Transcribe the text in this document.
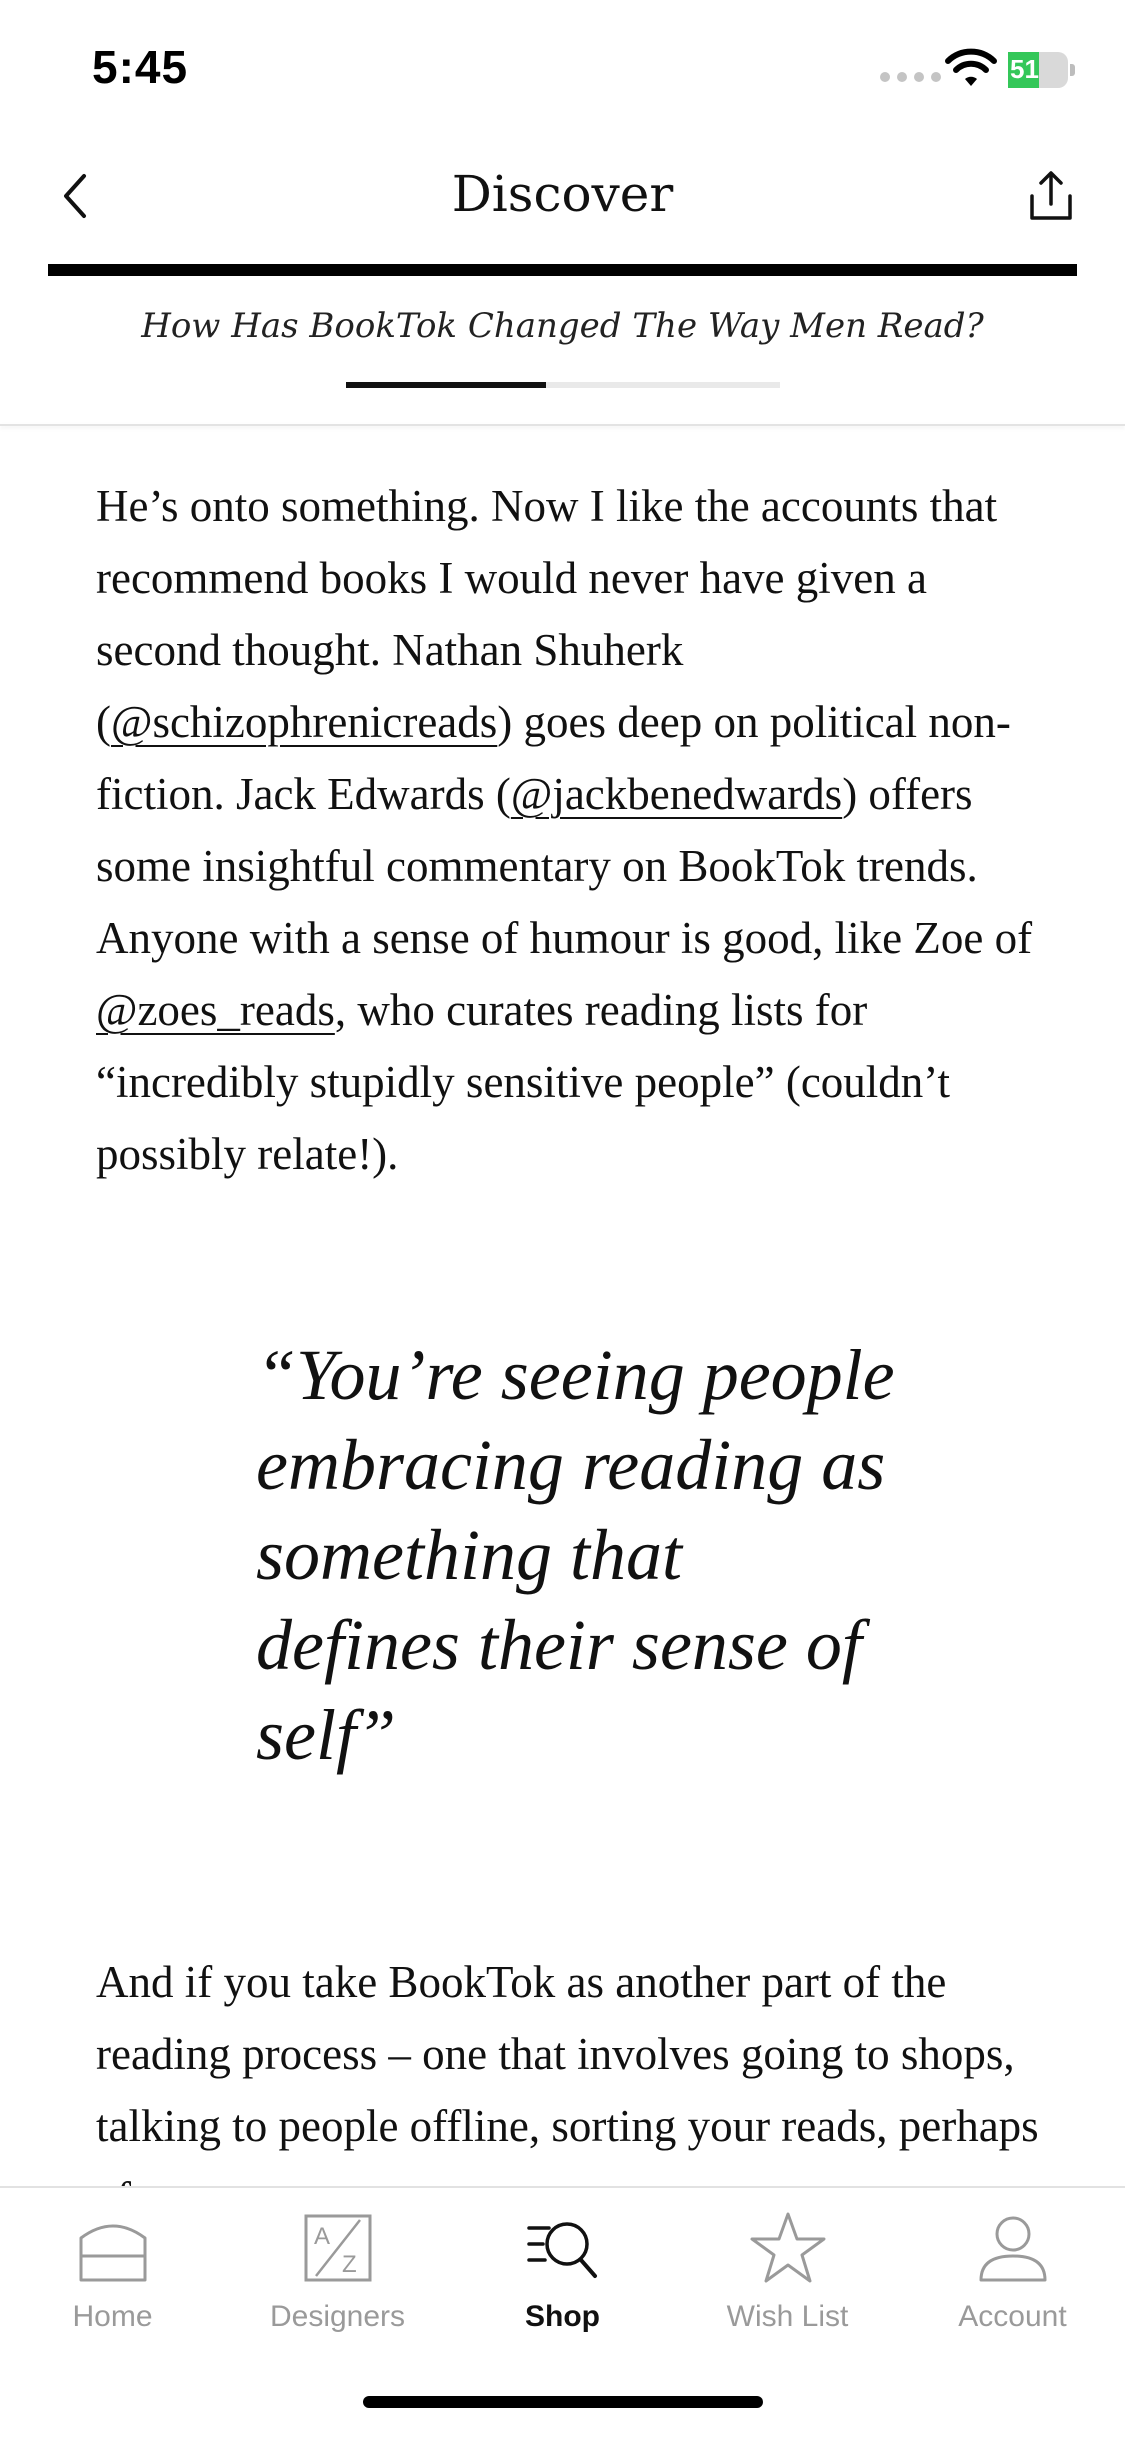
5:45	51
Discover
How Has BookTok Changed The Way Men Read?

He’s onto something. Now I like the accounts that recommend books I would never have given a second thought. Nathan Shuherk (@schizophrenicreads) goes deep on political non-fiction. Jack Edwards (@jackbenedwards) offers some insightful commentary on BookTok trends. Anyone with a sense of humour is good, like Zoe of @zoes_reads, who curates reading lists for “incredibly stupidly sensitive people” (couldn’t possibly relate!).

“You’re seeing people embracing reading as something that defines their sense of self”

And if you take BookTok as another part of the reading process – one that involves going to shops, talking to people offline, sorting your reads, perhaps

Home
A
Z
Designers	Shop	Wish List	Account
